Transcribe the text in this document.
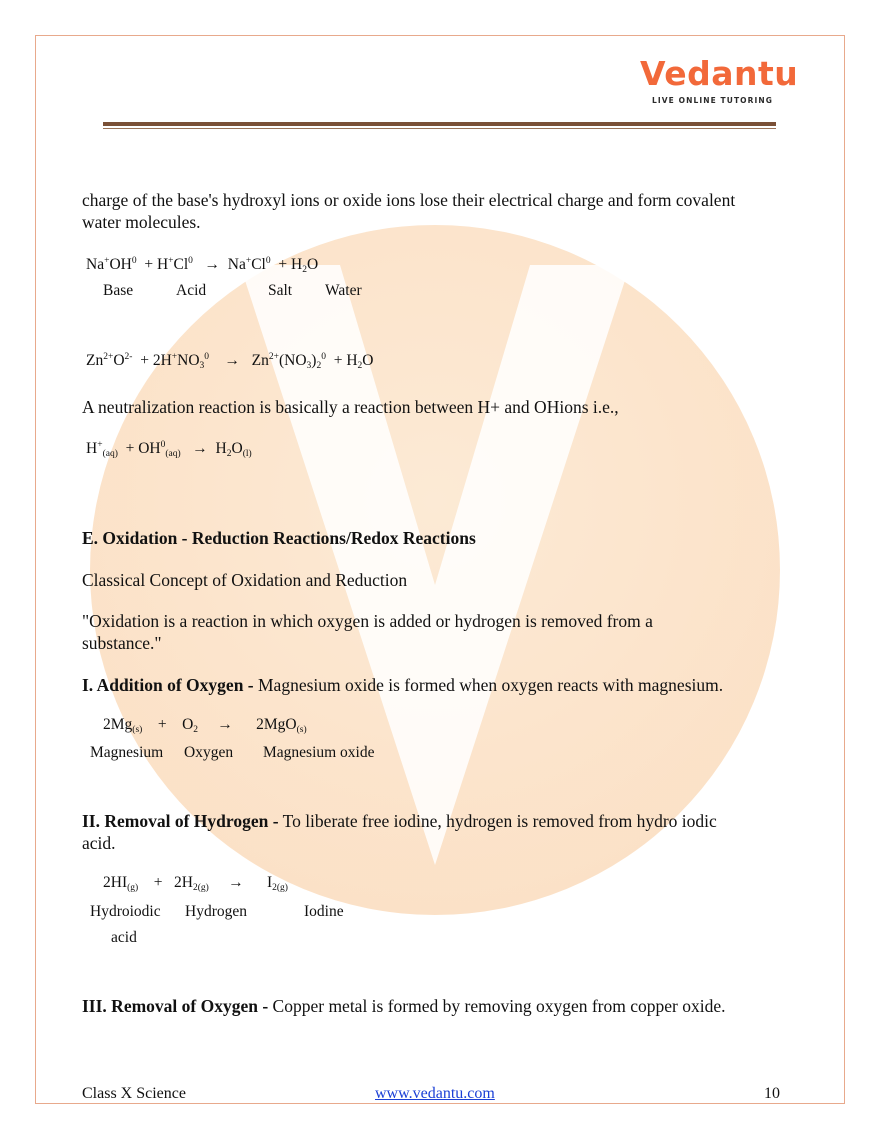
Vedantu
LIVE ONLINE TUTORING
charge of the base's hydroxyl ions or oxide ions lose their electrical charge and form covalent
water molecules.
$Na^+OH^0 + H^+Cl^0 \to Na^+Cl^0 + H_2O$
Base	Acid	Salt Water
$Zn^{2+}O^{2-} + 2H^+NO_3^0$    →   $Zn^{2+}(NO_3)_2^0 + H_2O$
A neutralization reaction is basically a reaction between H+ and OHions i.e.,
$H^+_{(aq)} + OH^0_{(aq)} \to H_2O_{(l)}$
E. Oxidation - Reduction Reactions/Redox Reactions
Classical Concept of Oxidation and Reduction
"Oxidation is a reaction in which oxygen is added or hydrogen is removed from a
substance."
I. Addition of Oxygen - Magnesium oxide is formed when oxygen reacts with magnesium.
$2Mg_{(s)}$    +    $O_2$     →      2MgO$_{(s)}$
Magnesium Oxygen Magnesium oxide
II. Removal of Hydrogen - To liberate free iodine, hydrogen is removed from hydro iodic
acid.
$2HI_{(g)}$    +   $2H_{2(g)}$     →      $I_{2(g)}$
Hydroiodic Hydrogen	Iodine
acid
III. Removal of Oxygen - Copper metal is formed by removing oxygen from copper oxide.
Class X Science	www.vedantu.com	10
